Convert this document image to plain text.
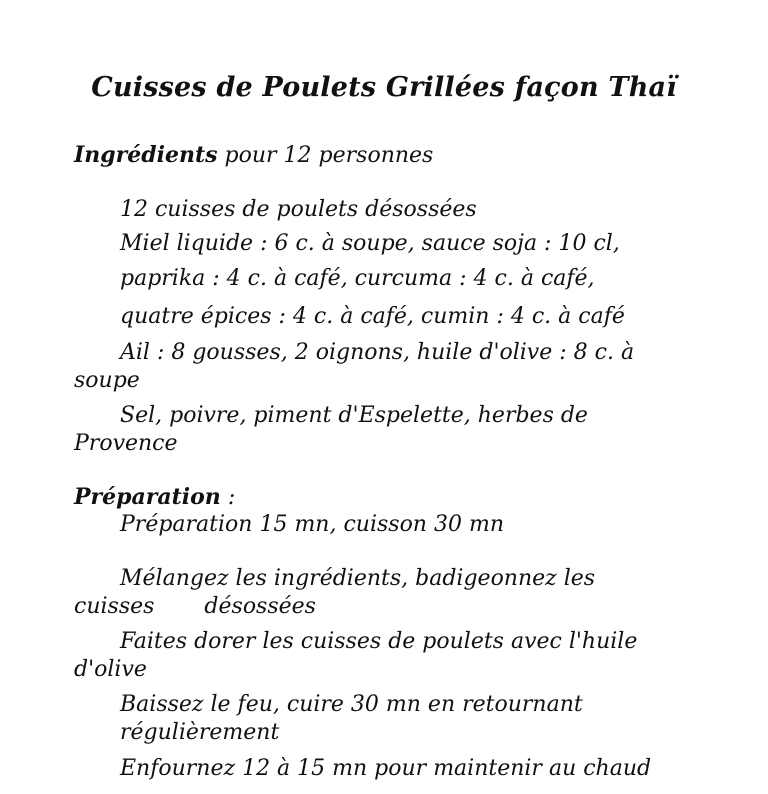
Cuisses de Poulets Grillées façon Thaï
Ingrédients pour 12 personnes
12 cuisses de poulets désossées
Miel liquide : 6 c. à soupe, sauce soja : 10 cl,
paprika : 4 c. à café, curcuma : 4 c. à café,
quatre épices : 4 c. à café, cumin : 4 c. à café
Ail : 8 gousses, 2 oignons, huile d'olive : 8 c. à
soupe
Sel, poivre, piment d'Espelette, herbes de
Provence
Préparation :
Préparation 15 mn, cuisson 30 mn
Mélangez les ingrédients, badigeonnez les
cuisses désossées
Faites dorer les cuisses de poulets avec l'huile
d'olive
Baissez le feu, cuire 30 mn en retournant
régulièrement
Enfournez 12 à 15 mn pour maintenir au chaud
